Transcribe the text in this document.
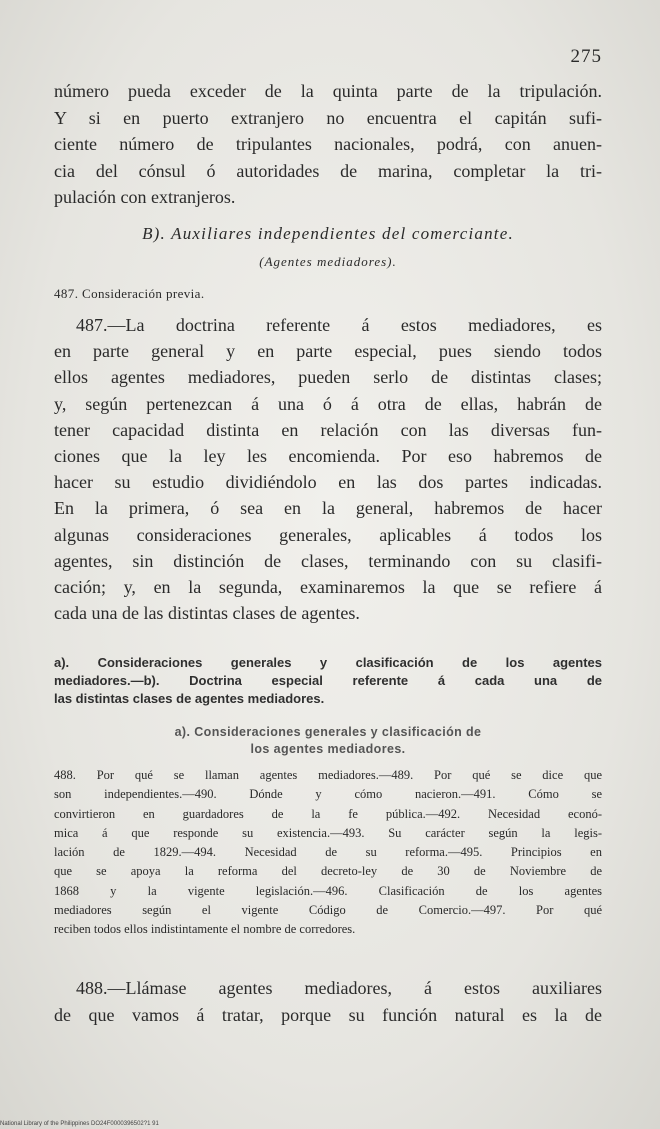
275
número pueda exceder de la quinta parte de la tripulación.
Y si en puerto extranjero no encuentra el capitán sufi-
ciente número de tripulantes nacionales, podrá, con anuen-
cia del cónsul ó autoridades de marina, completar la tri-
pulación con extranjeros.
B). Auxiliares independientes del comerciante.
(Agentes mediadores).
487. Consideración previa.
487.—La doctrina referente á estos mediadores, es
en parte general y en parte especial, pues siendo todos
ellos agentes mediadores, pueden serlo de distintas clases;
y, según pertenezcan á una ó á otra de ellas, habrán de
tener capacidad distinta en relación con las diversas fun-
ciones que la ley les encomienda. Por eso habremos de
hacer su estudio dividiéndolo en las dos partes indicadas.
En la primera, ó sea en la general, habremos de hacer
algunas consideraciones generales, aplicables á todos los
agentes, sin distinción de clases, terminando con su clasifi-
cación; y, en la segunda, examinaremos la que se refiere á
cada una de las distintas clases de agentes.
a). Consideraciones generales y clasificación de los agentes
mediadores.—b). Doctrina especial referente á cada una de
las distintas clases de agentes mediadores.
a). Consideraciones generales y clasificación de
los agentes mediadores.
488. Por qué se llaman agentes mediadores.—489. Por qué se dice que
son independientes.—490. Dónde y cómo nacieron.—491. Cómo se
convirtieron en guardadores de la fe pública.—492. Necesidad econó-
mica á que responde su existencia.—493. Su carácter según la legis-
lación de 1829.—494. Necesidad de su reforma.—495. Principios en
que se apoya la reforma del decreto-ley de 30 de Noviembre de
1868 y la vigente legislación.—496. Clasificación de los agentes
mediadores según el vigente Código de Comercio.—497. Por qué
reciben todos ellos indistintamente el nombre de corredores.
488.—Llámase agentes mediadores, á estos auxiliares
de que vamos á tratar, porque su función natural es la de
National Library of the Philippines DO24F0000396502?1 91
